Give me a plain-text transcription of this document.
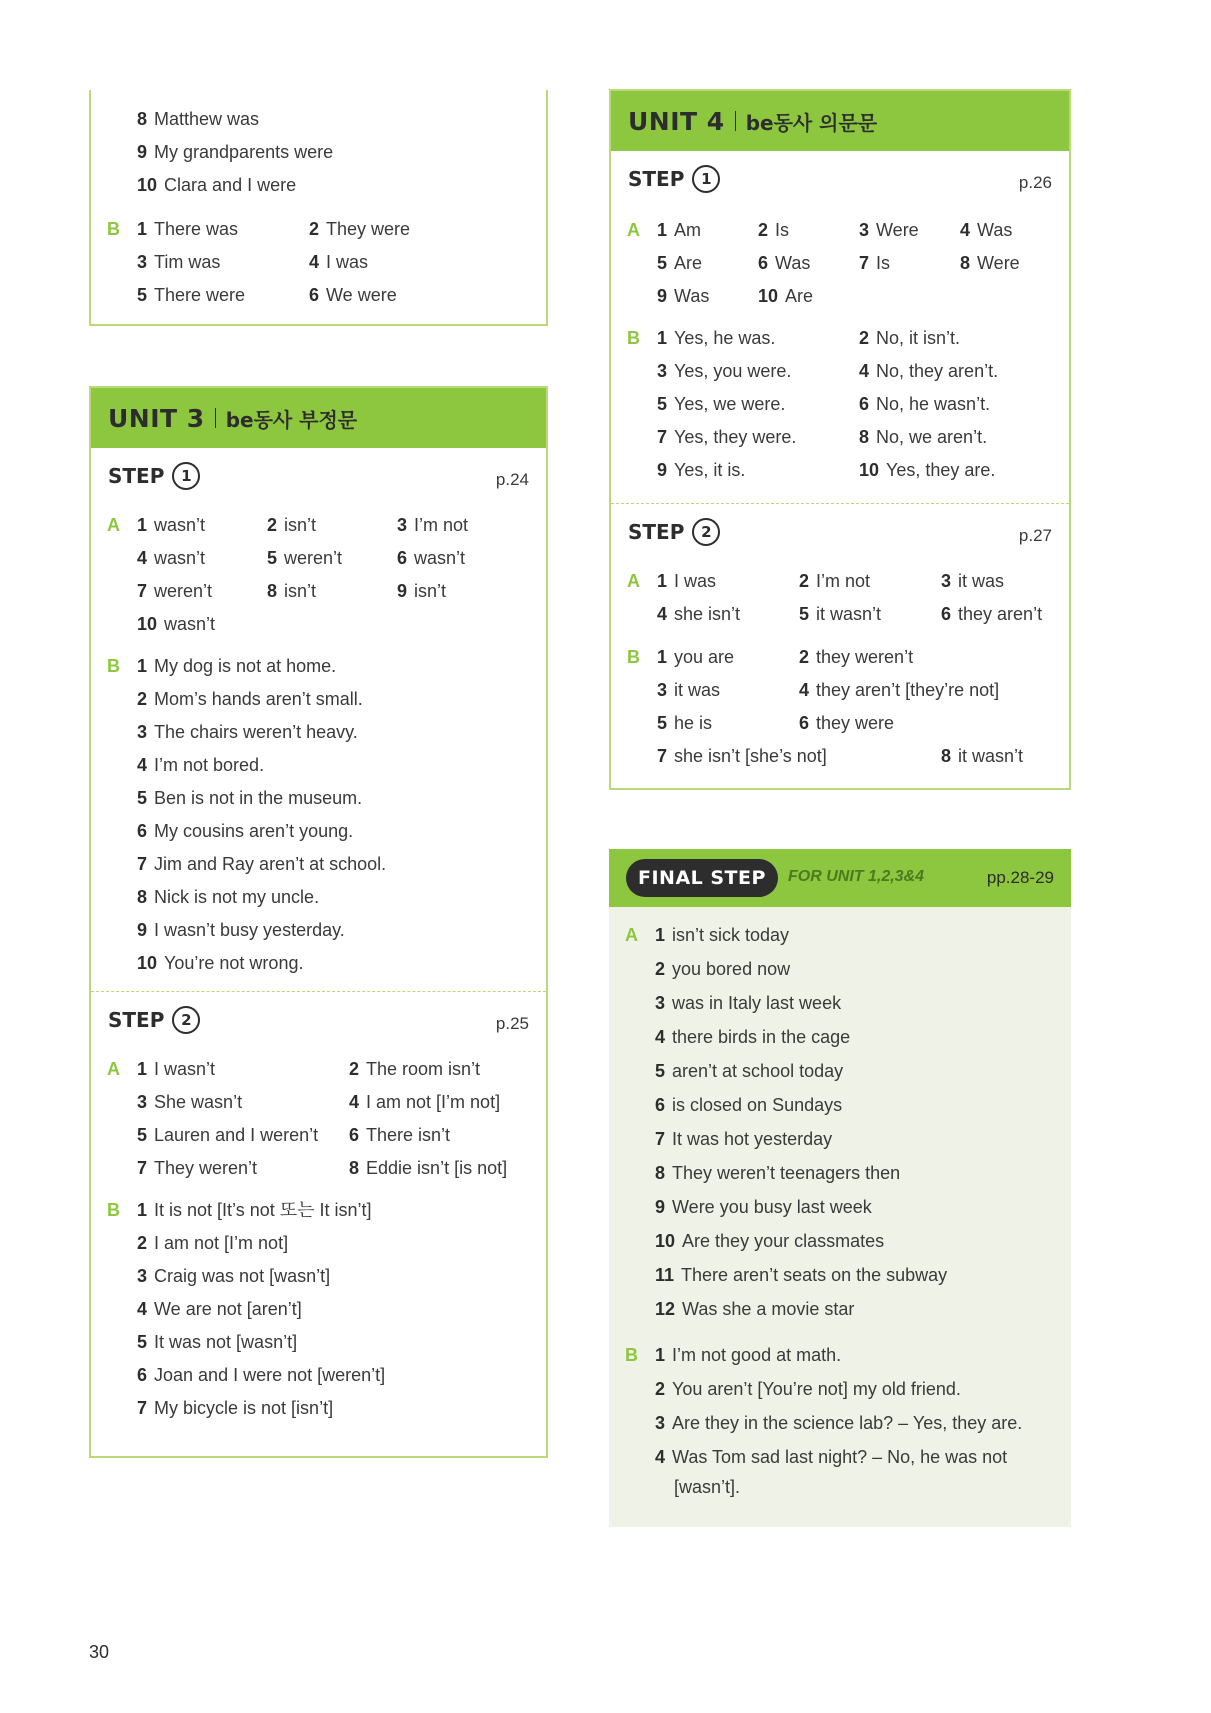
8 Matthew was
9 My grandparents were
10 Clara and I were
B 1 There was	2 They were
3 Tim was	4 I was
5 There were	6 We were
UNIT 3 be동사 부정문
STEP	1	p.24
A 1 wasn’t	2 isn’t	3 I’m not
4 wasn’t	5 weren’t	6 wasn’t
7 weren’t	8 isn’t	9 isn’t
10 wasn’t
B 1 My dog is not at home.
2 Mom’s hands aren’t small.
3 The chairs weren’t heavy.
4 I’m not bored.
5 Ben is not in the museum.
6 My cousins aren’t young.
7 Jim and Ray aren’t at school.
8 Nick is not my uncle.
9 I wasn’t busy yesterday.
10 You’re not wrong.
STEP	2	p.25
A 1 I wasn’t	2 The room isn’t
3 She wasn’t	4 I am not [I’m not]
5 Lauren and I weren’t 6 There isn’t
7 They weren’t	8 Eddie isn’t [is not]
B 1 It is not [It’s not 또는 It isn’t]
2 I am not [I’m not]
3 Craig was not [wasn’t]
4 We are not [aren’t]
5 It was not [wasn’t]
6 Joan and I were not [weren’t]
7 My bicycle is not [isn’t]
UNIT 4 be동사 의문문
STEP	1	p.26
A 1 Am	2 Is	3 Were 4 Was
5 Are	6 Was	7 Is	8 Were
9 Was	10 Are
B 1 Yes, he was.	2 No, it isn’t.
3 Yes, you were.	4 No, they aren’t.
5 Yes, we were.	6 No, he wasn’t.
7 Yes, they were.	8 No, we aren’t.
9 Yes, it is.	10 Yes, they are.
STEP	2	p.27
A 1 I was	2 I’m not	3 it was
4 she isn’t	5 it wasn’t	6 they aren’t
B 1 you are	2 they weren’t
3 it was	4 they aren’t [they’re not]
5 he is	6 they were
7 she isn’t [she’s not]	8 it wasn’t
FINAL STEP	FOR UNIT 1,2,3&4	pp.28-29
A 1 isn’t sick today
2 you bored now
3 was in Italy last week
4 there birds in the cage
5 aren’t at school today
6 is closed on Sundays
7 It was hot yesterday
8 They weren’t teenagers then
9 Were you busy last week
10 Are they your classmates
11 There aren’t seats on the subway
12 Was she a movie star
B 1 I’m not good at math.
2 You aren’t [You’re not] my old friend.
3 Are they in the science lab? – Yes, they are.
4 Was Tom sad last night? – No, he was not
[wasn’t].
30
